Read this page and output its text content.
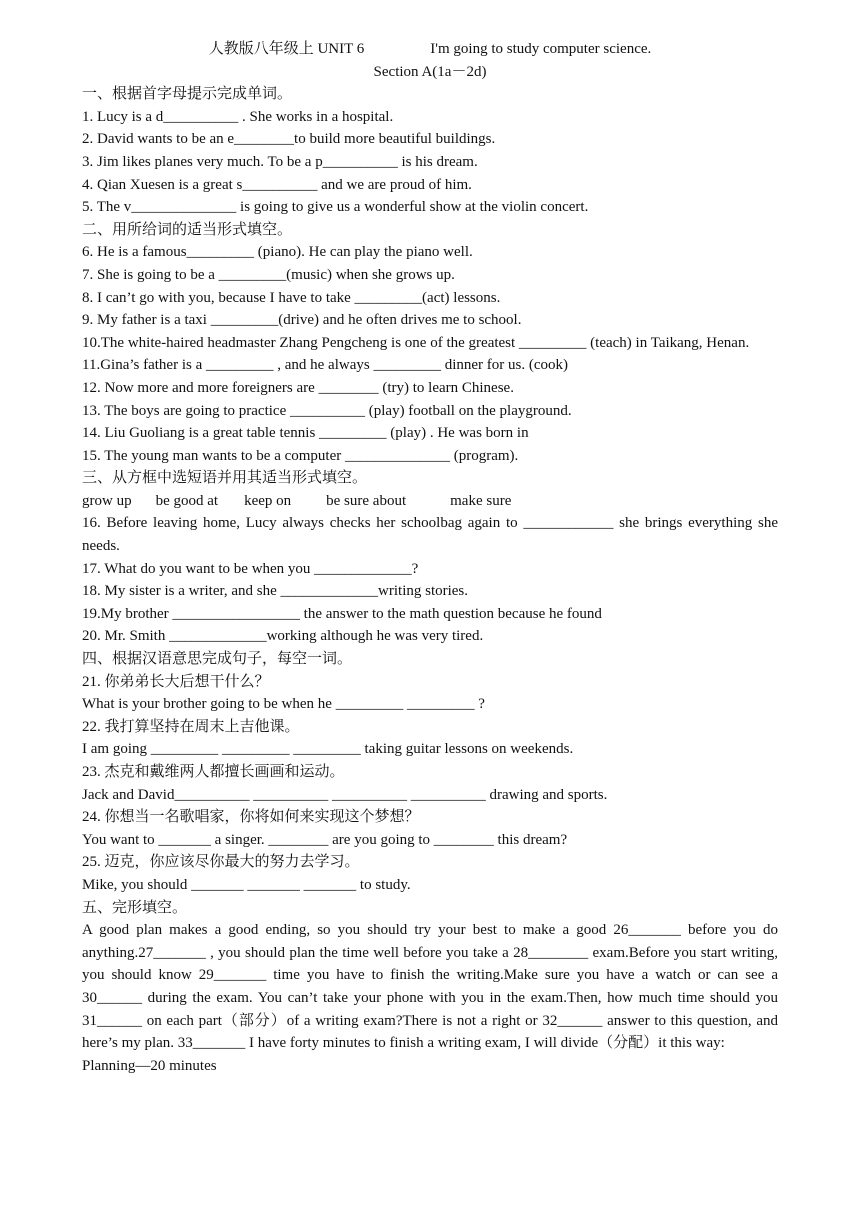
人教版八年级上 UNIT 6	I'm going to study computer science.
Section A(1a－2d)
一、根据首字母提示完成单词。
1. Lucy is a d__________ . She works in a hospital.
2. David wants to be an e________to build more beautiful buildings.
3. Jim likes planes very much. To be a p__________ is his dream.
4. Qian Xuesen is a great s__________ and we are proud of him.
5. The v______________ is going to give us a wonderful show at the violin concert.
二、用所给词的适当形式填空。
6. He is a famous_________ (piano). He can play the piano well.
7. She is going to be a _________(music) when she grows up.
8. I can’t go with you, because I have to take _________(act) lessons.
9. My father is a taxi _________(drive) and he often drives me to school.
10.The white-haired headmaster Zhang Pengcheng is one of the greatest _________ (teach) in Taikang, Henan.
11.Gina’s father is a _________ , and he always _________ dinner for us. (cook)
12. Now more and more foreigners are ________ (try) to learn Chinese.
13. The boys are going to practice __________ (play) football on the playground.
14. Liu Guoliang is a great table tennis _________ (play) . He was born in
15. The young man wants to be a computer ______________ (program).
三、从方框中选短语并用其适当形式填空。
grow up be good at keep on be sure about	make sure
16. Before leaving home, Lucy always checks her schoolbag again to ____________ she brings everything she needs.
17. What do you want to be when you _____________?
18. My sister is a writer, and she _____________writing stories.
19.My brother _________________ the answer to the math question because he found
20. Mr. Smith _____________working although he was very tired.
四、根据汉语意思完成句子，每空一词。
21. 你弟弟长大后想干什么？
What is your brother going to be when he _________ _________ ?
22. 我打算坚持在周末上吉他课。
I am going _________ _________ _________ taking guitar lessons on weekends.
23. 杰克和戴维两人都擅长画画和运动。
Jack and David__________ __________ __________ __________ drawing and sports.
24. 你想当一名歌唱家，你将如何来实现这个梦想？
You want to _______ a singer. ________ are you going to ________ this dream?
25. 迈克，你应该尽你最大的努力去学习。
Mike, you should _______ _______ _______ to study.
五、完形填空。
A good plan makes a good ending, so you should try your best to make a good 26_______ before you do anything.27_______ , you should plan the time well before you take a 28________ exam.Before you start writing, you should know 29_______ time you have to finish the writing.Make sure you have a watch or can see a 30______ during the exam. You can’t take your phone with you in the exam.Then, how much time should you 31______ on each part（部分）of a writing exam?There is not a right or 32______ answer to this question, and here’s my plan. 33_______ I have forty minutes to finish a writing exam, I will divide（分配）it this way:
Planning—20 minutes
